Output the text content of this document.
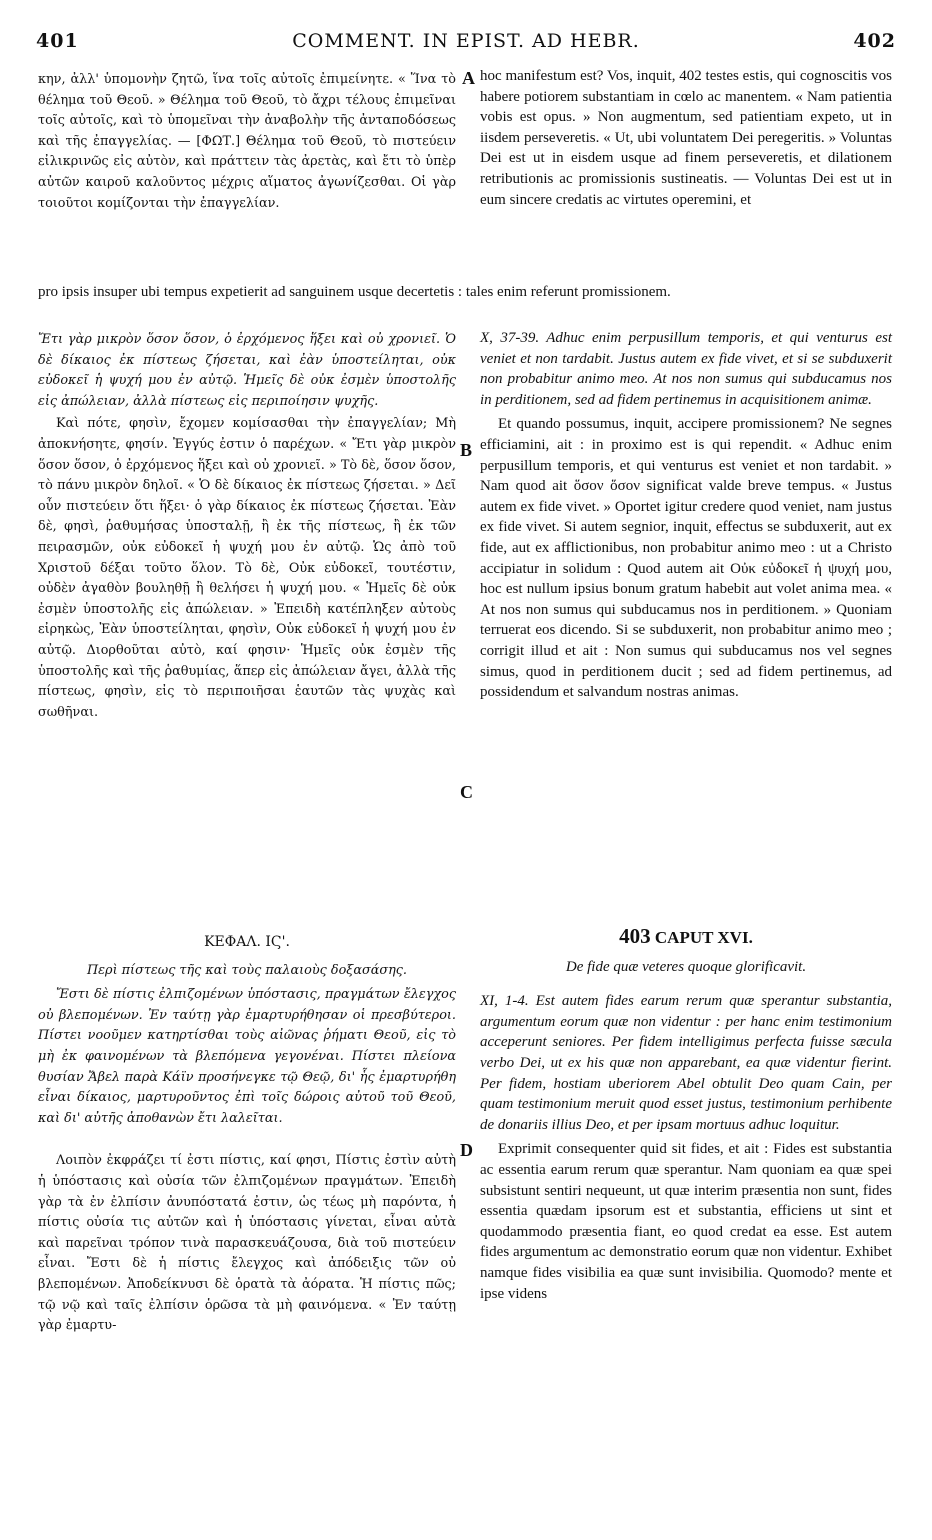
401	COMMENT. IN EPIST. AD HEBR.	402

κην, ἀλλ' ὑπομονὴν ζητῶ, ἵνα τοῖς αὐτοῖς ἐπιμείνητε. « Ἵνα τὸ θέλημα τοῦ Θεοῦ. » Θέλημα τοῦ Θεοῦ, τὸ ἄχρι τέλους ἐπιμεῖναι τοῖς αὐτοῖς, καὶ τὸ ὑπομεῖναι τὴν ἀναβολὴν τῆς ἀνταποδόσεως καὶ τῆς ἐπαγγελίας. — [ΦΩΤ.] Θέλημα τοῦ Θεοῦ, τὸ πιστεύειν εἰλικρινῶς εἰς αὐτὸν, καὶ πράττειν τὰς ἀρετὰς, καὶ ἔτι τὸ ὑπὲρ αὐτῶν καιροῦ καλοῦντος μέχρις αἵματος ἀγωνίζεσθαι. Οἱ γὰρ τοιοῦτοι κομίζονται τὴν ἐπαγγελίαν.

hoc manifestum est? Vos, inquit, 402 testes estis, qui cognoscitis vos habere potiorem substantiam in cœlo ac manentem. « Nam patientia vobis est opus. » Non augmentum, sed patientiam expeto, ut in iisdem perseveretis. « Ut, ubi voluntatem Dei peregeritis. » Voluntas Dei est ut in eisdem usque ad finem perseveretis, et dilationem retributionis ac promissionis sustineatis. — Voluntas Dei est ut in eum sincere credatis ac virtutes operemini, et

A
pro ipsis insuper ubi tempus expetierit ad sanguinem usque decertetis : tales enim referunt promissionem.

Ἔτι γὰρ μικρὸν ὅσον ὅσον, ὁ ἐρχόμενος ἥξει καὶ οὐ χρονιεῖ. Ὁ δὲ δίκαιος ἐκ πίστεως ζήσεται, καὶ ἐὰν ὑποστείληται, οὐκ εὐδοκεῖ ἡ ψυχή μου ἐν αὐτῷ. Ἡμεῖς δὲ οὐκ ἐσμὲν ὑποστολῆς εἰς ἀπώλειαν, ἀλλὰ πίστεως εἰς περιποίησιν ψυχῆς.

Καὶ πότε, φησὶν, ἔχομεν κομίσασθαι τὴν ἐπαγγελίαν; Μὴ ἀποκνήσητε, φησίν. Ἐγγύς ἐστιν ὁ παρέχων. « Ἔτι γὰρ μικρὸν ὅσον ὅσον, ὁ ἐρχόμενος ἥξει καὶ οὐ χρονιεῖ. » Τὸ δὲ, ὅσον ὅσον, τὸ πάνυ μικρὸν δηλοῖ. « Ὁ δὲ δίκαιος ἐκ πίστεως ζήσεται. » Δεῖ οὖν πιστεύειν ὅτι ἥξει· ὁ γὰρ δίκαιος ἐκ πίστεως ζήσεται. Ἐὰν δὲ, φησὶ, ῥαθυμήσας ὑποσταλῇ, ἢ ἐκ τῆς πίστεως, ἢ ἐκ τῶν πειρασμῶν, οὐκ εὐδοκεῖ ἡ ψυχή μου ἐν αὐτῷ. Ὡς ἀπὸ τοῦ Χριστοῦ δέξαι τοῦτο ὅλον. Τὸ δὲ, Οὐκ εὐδοκεῖ, τουτέστιν, οὐδὲν ἀγαθὸν βουληθῇ ἢ θελήσει ἡ ψυχή μου. « Ἡμεῖς δὲ οὐκ ἐσμὲν ὑποστολῆς εἰς ἀπώλειαν. » Ἐπειδὴ κατέπληξεν αὐτοὺς εἰρηκὼς, Ἐὰν ὑποστείληται, φησὶν, Οὐκ εὐδοκεῖ ἡ ψυχή μου ἐν αὐτῷ. Διορθοῦται αὐτὸ, καί φησιν· Ἡμεῖς οὐκ ἐσμὲν τῆς ὑποστολῆς καὶ τῆς ῥαθυμίας, ἅπερ εἰς ἀπώλειαν ἄγει, ἀλλὰ τῆς πίστεως, φησὶν, εἰς τὸ περιποιῆσαι ἑαυτῶν τὰς ψυχὰς καὶ σωθῆναι.

B
C

X, 37-39. Adhuc enim perpusillum temporis, et qui venturus est veniet et non tardabit. Justus autem ex fide vivet, et si se subduxerit non probabitur animo meo. At nos non sumus qui subducamus nos in perditionem, sed ad fidem pertinemus in acquisitionem animæ.

Et quando possumus, inquit, accipere promissionem? Ne segnes efficiamini, ait : in proximo est is qui rependit. « Adhuc enim perpusillum temporis, et qui venturus est veniet et non tardabit. » Nam quod ait ὅσον ὅσον significat valde breve tempus. « Justus autem ex fide vivet. » Oportet igitur credere quod veniet, nam justus ex fide vivet. Si autem segnior, inquit, effectus se subduxerit, aut ex fide, aut ex afflictionibus, non probabitur animo meo : ut a Christo accipiatur in solidum : Quod autem ait Οὐκ εὐδοκεῖ ἡ ψυχή μου, hoc est nullum ipsius bonum gratum habebit aut volet anima mea. « At nos non sumus qui subducamus nos in perditionem. » Quoniam terruerat eos dicendo. Si se subduxerit, non probabitur animo meo ; corrigit illud et ait : Non sumus qui subducamus nos vel segnes simus, quod in perditionem ducit ; sed ad fidem pertinemus, ad possidendum et salvandum nostras animas.

ΚΕΦΑΛ. ΙϚ'.

Περὶ πίστεως τῆς καὶ τοὺς παλαιοὺς δοξασάσης.

Ἔστι δὲ πίστις ἐλπιζομένων ὑπόστασις, πραγμάτων ἔλεγχος οὐ βλεπομένων. Ἐν ταύτῃ γὰρ ἐμαρτυρήθησαν οἱ πρεσβύτεροι. Πίστει νοοῦμεν κατηρτίσθαι τοὺς αἰῶνας ῥήματι Θεοῦ, εἰς τὸ μὴ ἐκ φαινομένων τὰ βλεπόμενα γεγονέναι. Πίστει πλείονα θυσίαν Ἄβελ παρὰ Κάϊν προσήνεγκε τῷ Θεῷ, δι' ἧς ἐμαρτυρήθη εἶναι δίκαιος, μαρτυροῦντος ἐπὶ τοῖς δώροις αὐτοῦ τοῦ Θεοῦ, καὶ δι' αὐτῆς ἀποθανὼν ἔτι λαλεῖται.

Λοιπὸν ἐκφράζει τί ἐστι πίστις, καί φησι, Πίστις ἐστὶν αὐτὴ ἡ ὑπόστασις καὶ οὐσία τῶν ἐλπιζομένων πραγμάτων. Ἐπειδὴ γὰρ τὰ ἐν ἐλπίσιν ἀνυπόστατά ἐστιν, ὡς τέως μὴ παρόντα, ἡ πίστις οὐσία τις αὐτῶν καὶ ἡ ὑπόστασις γίνεται, εἶναι αὐτὰ καὶ παρεῖναι τρόπον τινὰ παρασκευάζουσα, διὰ τοῦ πιστεύειν εἶναι. Ἔστι δὲ ἡ πίστις ἔλεγχος καὶ ἀπόδειξις τῶν οὐ βλεπομένων. Ἀποδείκνυσι δὲ ὁρατὰ τὰ ἀόρατα. Ἡ πίστις πῶς; τῷ νῷ καὶ ταῖς ἐλπίσιν ὁρῶσα τὰ μὴ φαινόμενα. « Ἐν ταύτῃ γὰρ ἐμαρτυ-

D

403 CAPUT XVI.

De fide quæ veteres quoque glorificavit.

XI, 1-4. Est autem fides earum rerum quæ sperantur substantia, argumentum eorum quæ non videntur : per hanc enim testimonium acceperunt seniores. Per fidem intelligimus perfecta fuisse sæcula verbo Dei, ut ex his quæ non apparebant, ea quæ videntur fierint. Per fidem, hostiam uberiorem Abel obtulit Deo quam Cain, per quam testimonium meruit quod esset justus, testimonium perhibente de donariis illius Deo, et per ipsam mortuus adhuc loquitur.

Exprimit consequenter quid sit fides, et ait : Fides est substantia ac essentia earum rerum quæ sperantur. Nam quoniam ea quæ spei subsistunt sentiri nequeunt, ut quæ interim præsentia non sunt, fides essentia quædam ipsorum est et substantia, efficiens ut sint et quodammodo præsentia fiant, eo quod credat ea esse. Est autem fides argumentum ac demonstratio eorum quæ non videntur. Exhibet namque fides visibilia ea quæ sunt invisibilia. Quomodo? mente et ipse videns
